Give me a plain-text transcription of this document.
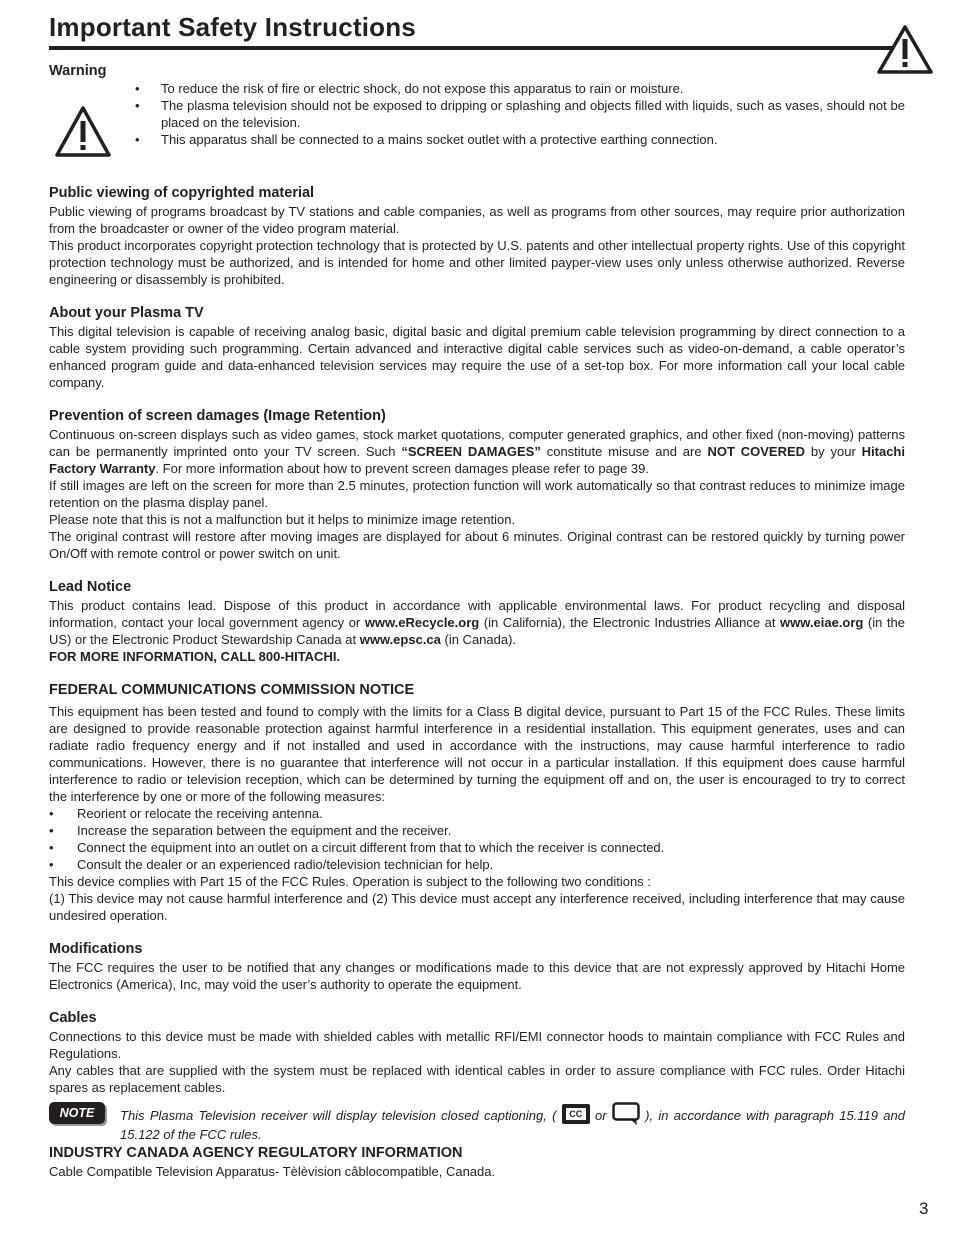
Important Safety Instructions
Warning
• To reduce the risk of fire or electric shock, do not expose this apparatus to rain or moisture.
• The plasma television should not be exposed to dripping or splashing and objects filled with liquids, such as vases, should not be placed on the television.
• This apparatus shall be connected to a mains socket outlet with a protective earthing connection.
Public viewing of copyrighted material

Public viewing of programs broadcast by TV stations and cable companies, as well as programs from other sources, may require prior authorization from the broadcaster or owner of the video program material.

This product incorporates copyright protection technology that is protected by U.S. patents and other intellectual property rights. Use of this copyright protection technology must be authorized, and is intended for home and other limited payper-view uses only unless otherwise authorized. Reverse engineering or disassembly is prohibited.

About your Plasma TV

This digital television is capable of receiving analog basic, digital basic and digital premium cable television programming by direct connection to a cable system providing such programming. Certain advanced and interactive digital cable services such as video-on-demand, a cable operator’s enhanced program guide and data-enhanced television services may require the use of a set-top box. For more information call your local cable company.

Prevention of screen damages (Image Retention)

Continuous on-screen displays such as video games, stock market quotations, computer generated graphics, and other fixed (non-moving) patterns can be permanently imprinted onto your TV screen. Such “SCREEN DAMAGES” constitute misuse and are NOT COVERED by your Hitachi Factory Warranty. For more information about how to prevent screen damages please refer to page 39.

If still images are left on the screen for more than 2.5 minutes, protection function will work automatically so that contrast reduces to minimize image retention on the plasma display panel.

Please note that this is not a malfunction but it helps to minimize image retention.

The original contrast will restore after moving images are displayed for about 6 minutes. Original contrast can be restored quickly by turning power On/Off with remote control or power switch on unit.

Lead Notice

This product contains lead. Dispose of this product in accordance with applicable environmental laws. For product recycling and disposal information, contact your local government agency or www.eRecycle.org (in California), the Electronic Industries Alliance at www.eiae.org (in the US) or the Electronic Product Stewardship Canada at www.epsc.ca (in Canada).

FOR MORE INFORMATION, CALL 800-HITACHI.

FEDERAL COMMUNICATIONS COMMISSION NOTICE

This equipment has been tested and found to comply with the limits for a Class B digital device, pursuant to Part 15 of the FCC Rules. These limits are designed to provide reasonable protection against harmful interference in a residential installation. This equipment generates, uses and can radiate radio frequency energy and if not installed and used in accordance with the instructions, may cause harmful interference to radio communications. However, there is no guarantee that interference will not occur in a particular installation. If this equipment does cause harmful interference to radio or television reception, which can be determined by turning the equipment off and on, the user is encouraged to try to correct the interference by one or more of the following measures:

• Reorient or relocate the receiving antenna.
• Increase the separation between the equipment and the receiver.
• Connect the equipment into an outlet on a circuit different from that to which the receiver is connected.
• Consult the dealer or an experienced radio/television technician for help.

This device complies with Part 15 of the FCC Rules. Operation is subject to the following two conditions :

(1) This device may not cause harmful interference and (2) This device must accept any interference received, including interference that may cause undesired operation.

Modifications

The FCC requires the user to be notified that any changes or modifications made to this device that are not expressly approved by Hitachi Home Electronics (America), Inc, may void the user’s authority to operate the equipment.

Cables

Connections to this device must be made with shielded cables with metallic RFI/EMI connector hoods to maintain compliance with FCC Rules and Regulations.

Any cables that are supplied with the system must be replaced with identical cables in order to assure compliance with FCC rules. Order Hitachi spares as replacement cables.

NOTE	This Plasma Television receiver will display television closed captioning, ( CC or  ), in accordance with paragraph 15.119 and 15.122 of the FCC rules.

INDUSTRY CANADA AGENCY REGULATORY INFORMATION

Cable Compatible Television Apparatus- Tèlèvision câblocompatible, Canada.

3
